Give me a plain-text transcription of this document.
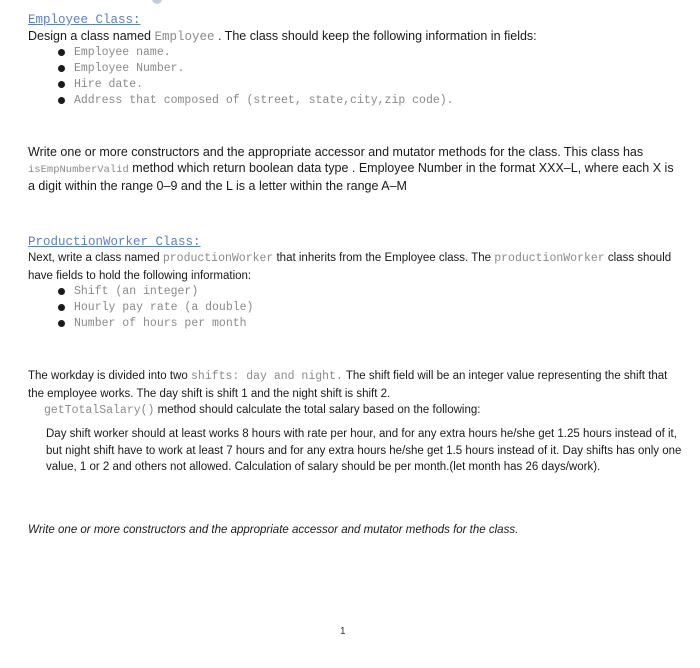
Employee Class:
Design a class named Employee . The class should keep the following information in fields:
Employee name.
Employee Number.
Hire date.
Address that composed of (street, state,city,zip code).
Write one or more constructors and the appropriate accessor and mutator methods for the class. This class has isEmpNumberValid method which return boolean data type . Employee Number in the format XXX–L, where each X is a digit within the range 0–9 and the L is a letter within the range A–M
ProductionWorker Class:
Next, write a class named productionWorker that inherits from the Employee class. The productionWorker class should have fields to hold the following information:
Shift (an integer)
Hourly pay rate (a double)
Number of hours per month
The workday is divided into two shifts: day and night. The shift field will be an integer value representing the shift that the employee works. The day shift is shift 1 and the night shift is shift 2.
getTotalSalary() method should calculate the total salary based on the following:
Day shift worker should at least works 8 hours with rate per hour, and for any extra hours he/she get 1.25 hours instead of it, but night shift have to work at least 7 hours and for any extra hours he/she get 1.5 hours instead of it. Day shifts has only one value, 1 or 2 and others not allowed. Calculation of salary should be per month.(let month has 26 days/work).
Write one or more constructors and the appropriate accessor and mutator methods for the class.
1
